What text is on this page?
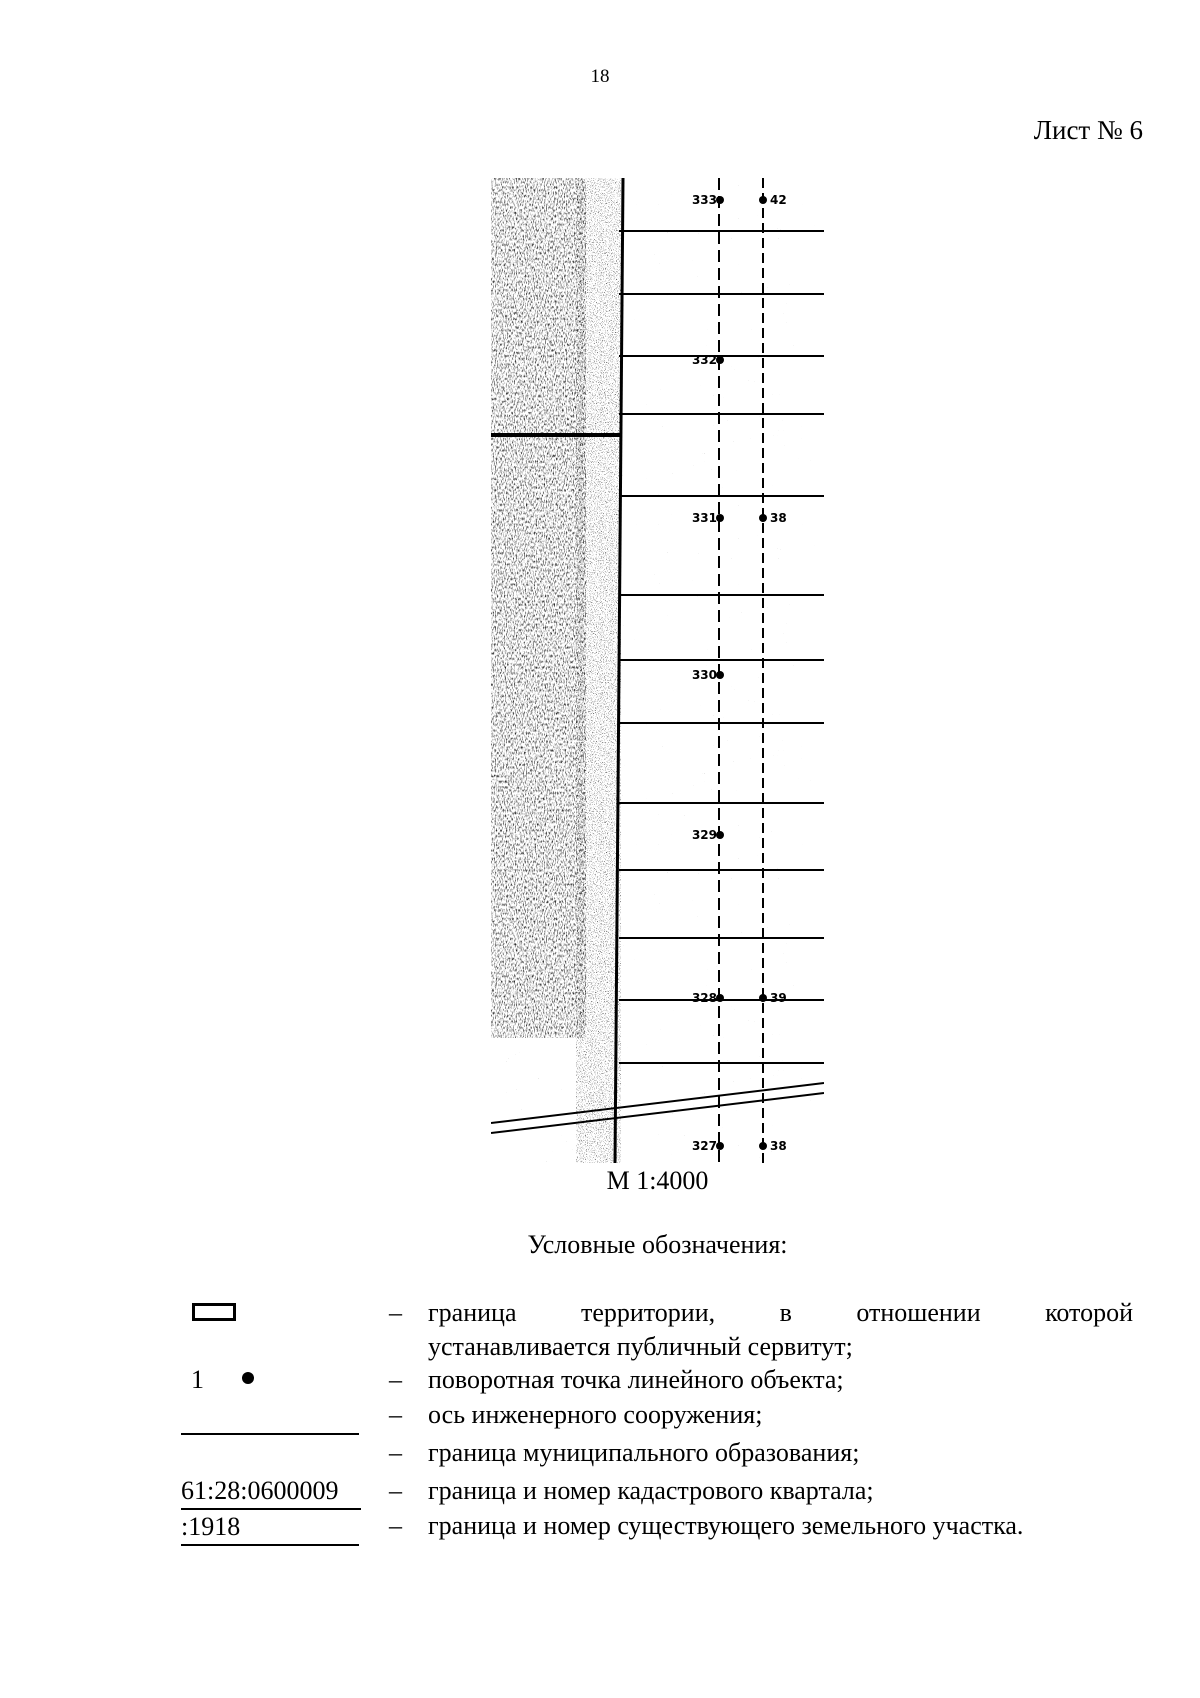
18
Лист № 6
333
332
331
330
329
328
327
42
38
39
38
М 1:4000
Условные обозначения:
– граница территории, в отношении которой
устанавливается публичный сервитут;
1	– поворотная точка линейного объекта;
– ось инженерного сооружения;
– граница муниципального образования;
61:28:0600009
:1918
– граница и номер кадастрового квартала;
– граница и номер существующего земельного участка.
